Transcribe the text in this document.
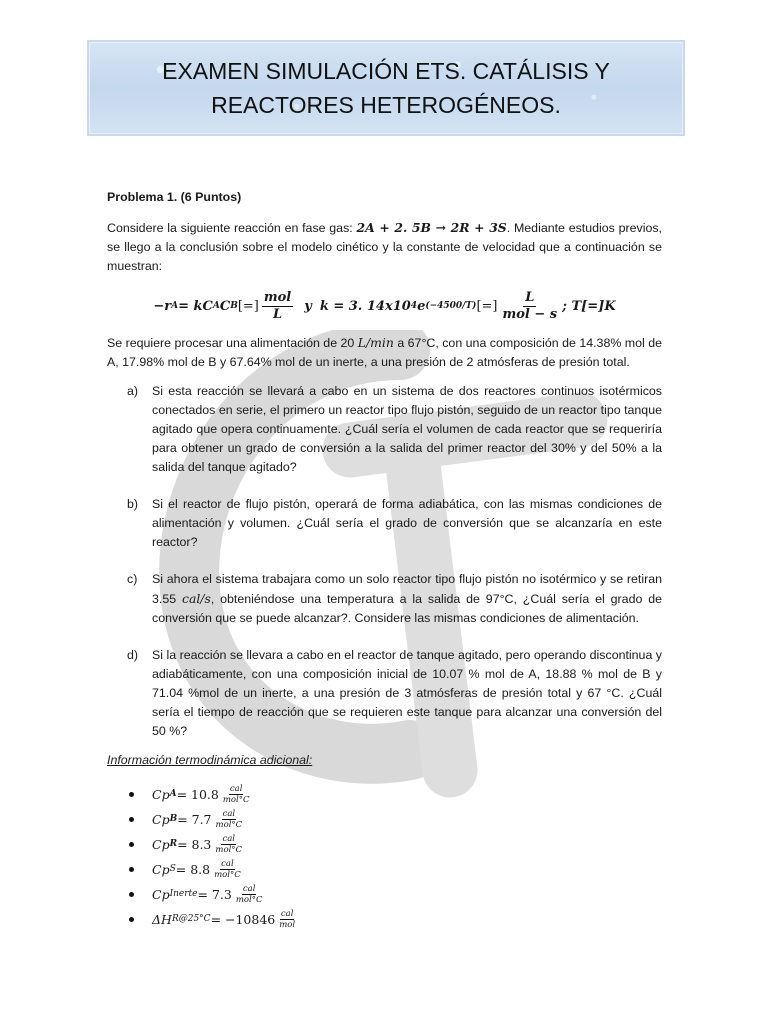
EXAMEN SIMULACIÓN ETS. CATÁLISIS Y REACTORES HETEROGÉNEOS.

Problema 1. (6 Puntos)

Considere la siguiente reacción en fase gas: 2A + 2. 5B → 2R + 3S. Mediante estudios previos, se llego a la conclusión sobre el modelo cinético y la constante de velocidad que a continuación se muestran:

−r A = kC A C B [=] $\frac{\text{mol}}{L}$ y k = 3. 14x10 4 e (−4500/T) [=] $\frac{L}{\text{mol − s}}$ ; T[=]K

Se requiere procesar una alimentación de 20 L/min a 67°C, con una composición de 14.38% mol de A, 17.98% mol de B y 67.64% mol de un inerte, a una presión de 2 atmósferas de presión total.

a) Si esta reacción se llevará a cabo en un sistema de dos reactores continuos isotérmicos conectados en serie, el primero un reactor tipo flujo pistón, seguido de un reactor tipo tanque agitado que opera continuamente. ¿Cuál sería el volumen de cada reactor que se requeriría para obtener un grado de conversión a la salida del primer reactor del 30% y del 50% a la salida del tanque agitado?
b) Si el reactor de flujo pistón, operará de forma adiabática, con las mismas condiciones de alimentación y volumen. ¿Cuál sería el grado de conversión que se alcanzaría en este reactor?
c) Si ahora el sistema trabajara como un solo reactor tipo flujo pistón no isotérmico y se retiran 3.55 cal/s, obteniéndose una temperatura a la salida de 97°C, ¿Cuál sería el grado de conversión que se puede alcanzar?. Considere las mismas condiciones de alimentación.
d) Si la reacción se llevara a cabo en el reactor de tanque agitado, pero operando discontinua y adiabáticamente, con una composición inicial de 10.07 % mol de A, 18.88 % mol de B y 71.04 %mol de un inerte, a una presión de 3 atmósferas de presión total y 67 °C. ¿Cuál sería el tiempo de reacción que se requieren este tanque para alcanzar una conversión del 50 %?

Información termodinámica adicional:

Cp $A = 10.8 \frac{\text{cal}}{\text{mol°C}}$
Cp $B = 7.7 \frac{\text{cal}}{\text{mol°C}}$
Cp $R = 8.3 \frac{\text{cal}}{\text{mol°C}}$
Cp $S = 8.8 \frac{\text{cal}}{\text{mol°C}}$
Cp Inerte = $7.3 \frac{\text{cal}}{\text{mol°C}}$
ΔH R@25°C = $-10846 \frac{\text{cal}}{\text{mol}}$
